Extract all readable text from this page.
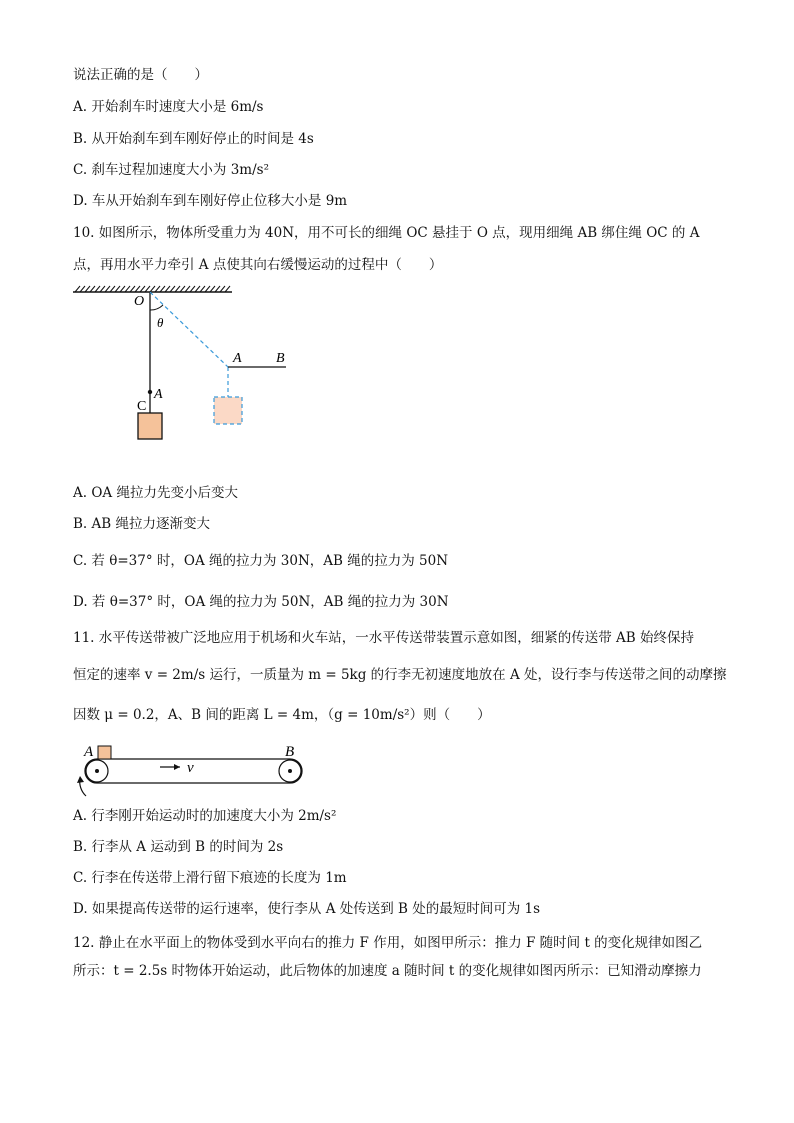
说法正确的是（　　）
A. 开始刹车时速度大小是 6m/s
B. 从开始刹车到车刚好停止的时间是 4s
C. 刹车过程加速度大小为 3m/s²
D. 车从开始刹车到车刚好停止位移大小是 9m
10. 如图所示，物体所受重力为 40N，用不可长的细绳 OC 悬挂于 O 点，现用细绳 AB 绑住绳 OC 的 A
点，再用水平力牵引 A 点使其向右缓慢运动的过程中（　　）
O
θ
A
C
A B
A. OA 绳拉力先变小后变大
B. AB 绳拉力逐渐变大
C. 若 θ=37° 时，OA 绳的拉力为 30N，AB 绳的拉力为 50N
D. 若 θ=37° 时，OA 绳的拉力为 50N，AB 绳的拉力为 30N
11. 水平传送带被广泛地应用于机场和火车站，一水平传送带装置示意如图，细紧的传送带 AB 始终保持
恒定的速率 v = 2m/s 运行，一质量为 m = 5kg 的行李无初速度地放在 A 处，设行李与传送带之间的动摩擦
因数 μ = 0.2，A、B 间的距离 L = 4m，（g = 10m/s²）则（　　）
A	B
v
A. 行李刚开始运动时的加速度大小为 2m/s²
B. 行李从 A 运动到 B 的时间为 2s
C. 行李在传送带上滑行留下痕迹的长度为 1m
D. 如果提高传送带的运行速率，使行李从 A 处传送到 B 处的最短时间可为 1s
12. 静止在水平面上的物体受到水平向右的推力 F 作用，如图甲所示：推力 F 随时间 t 的变化规律如图乙
所示：t = 2.5s 时物体开始运动，此后物体的加速度 a 随时间 t 的变化规律如图丙所示：已知滑动摩擦力
